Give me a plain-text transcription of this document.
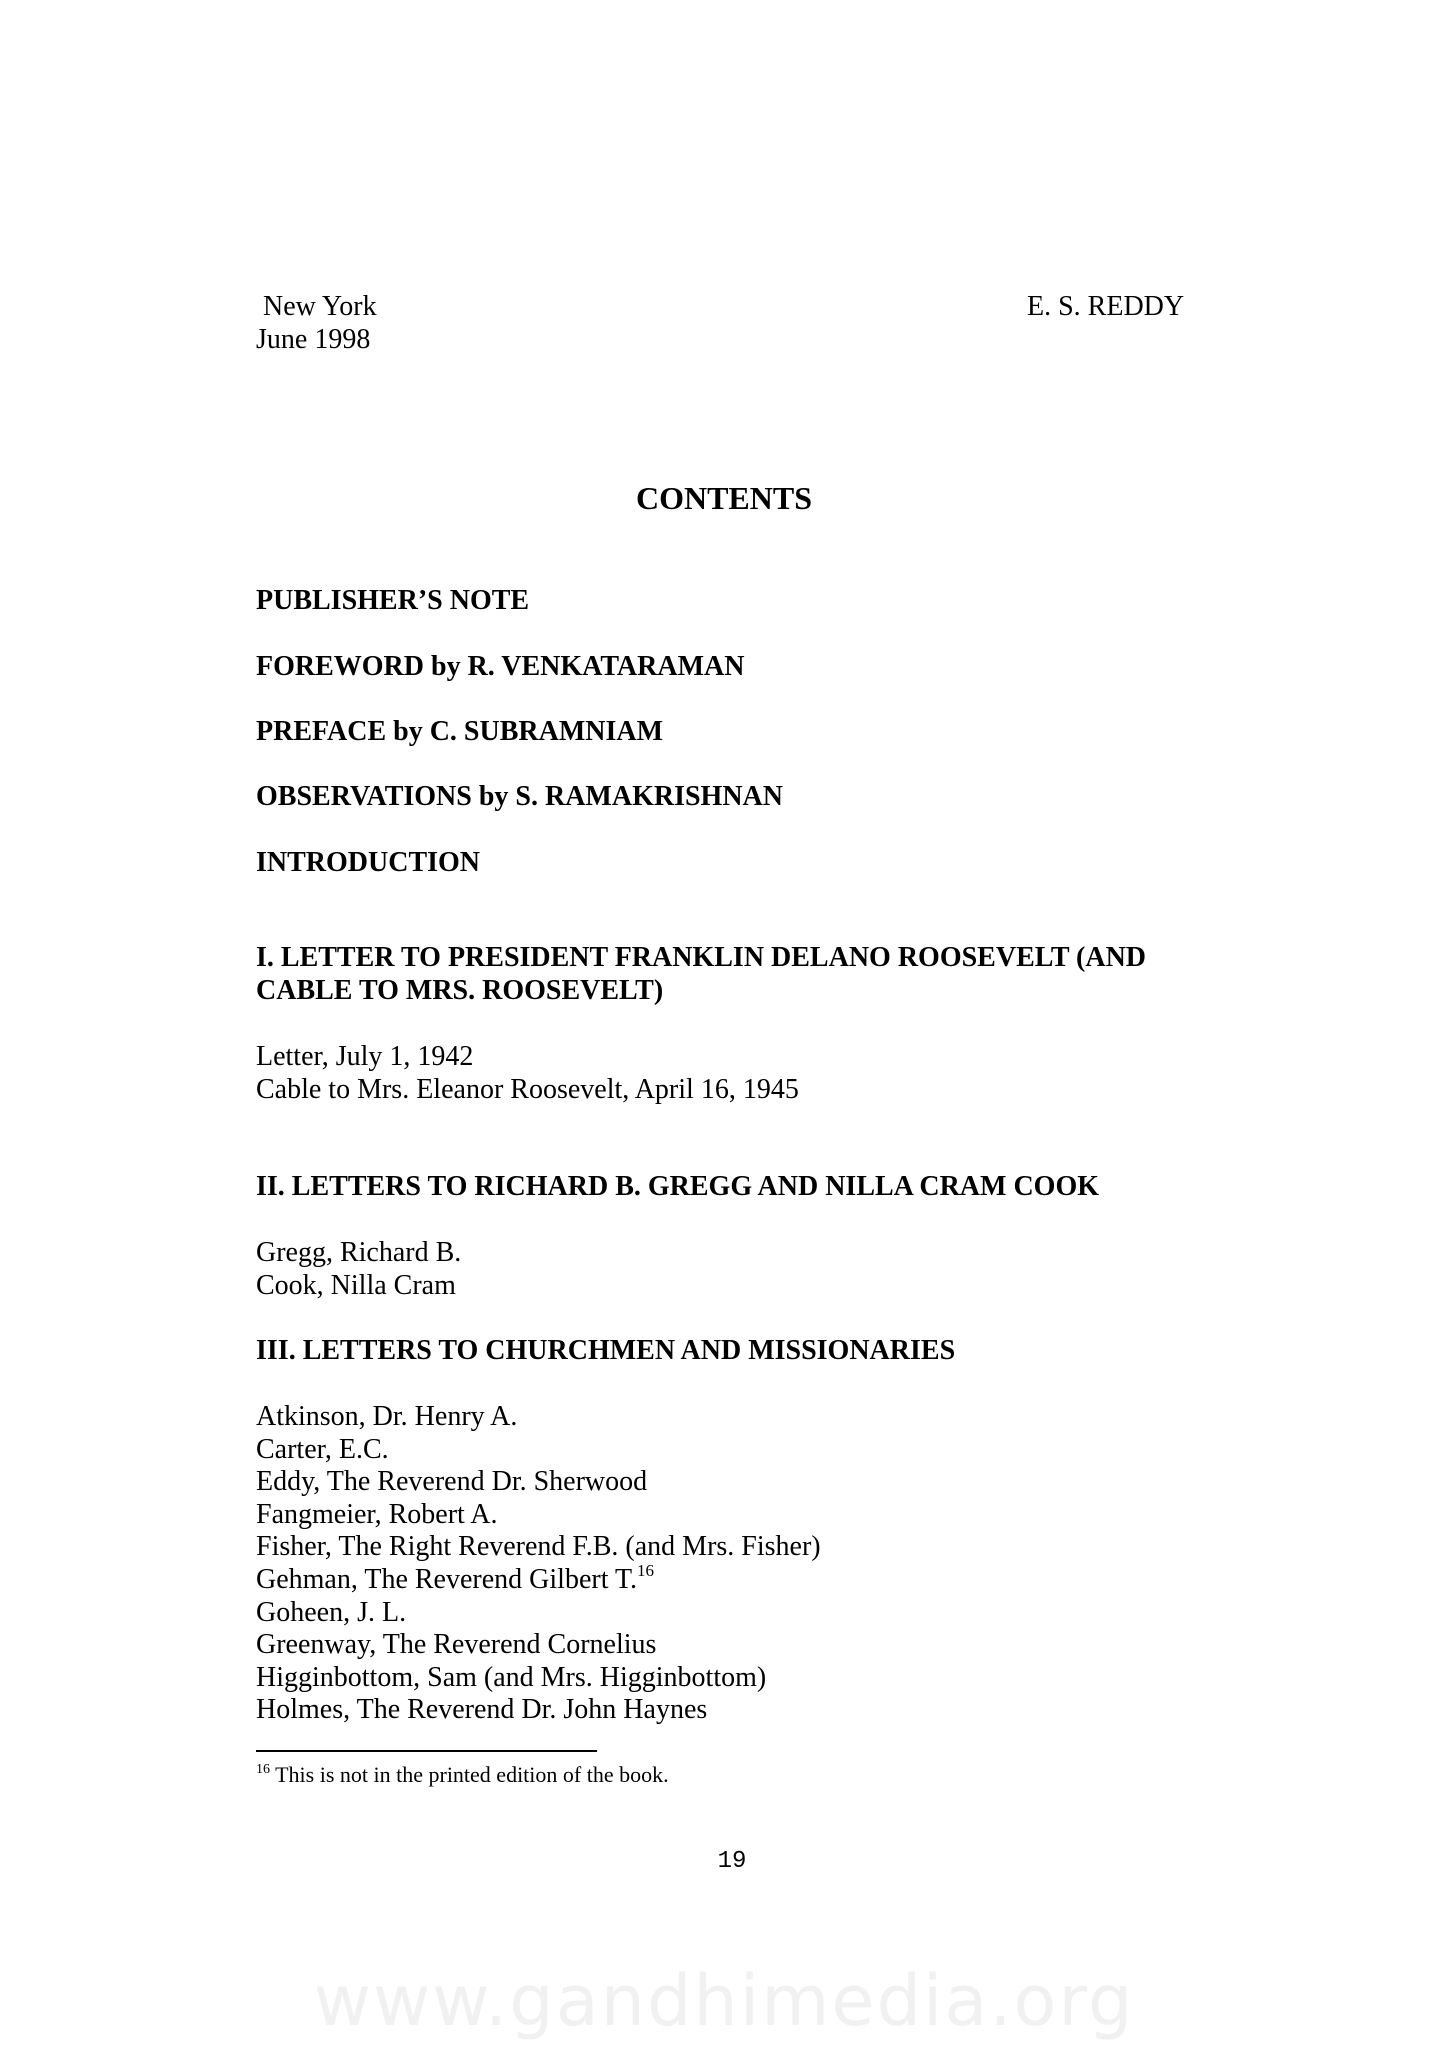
New York
June 1998
E. S. REDDY
CONTENTS
PUBLISHER’S NOTE
FOREWORD by R. VENKATARAMAN
PREFACE by C. SUBRAMNIAM
OBSERVATIONS by S. RAMAKRISHNAN
INTRODUCTION
I. LETTER TO PRESIDENT FRANKLIN DELANO ROOSEVELT (AND
CABLE TO MRS. ROOSEVELT)
Letter, July 1, 1942
Cable to Mrs. Eleanor Roosevelt, April 16, 1945
II. LETTERS TO RICHARD B. GREGG AND NILLA CRAM COOK
Gregg, Richard B.
Cook, Nilla Cram
III. LETTERS TO CHURCHMEN AND MISSIONARIES
Atkinson, Dr. Henry A.
Carter, E.C.
Eddy, The Reverend Dr. Sherwood
Fangmeier, Robert A.
Fisher, The Right Reverend F.B. (and Mrs. Fisher)
Gehman, The Reverend Gilbert T.$^{16}$
Goheen, J. L.
Greenway, The Reverend Cornelius
Higginbottom, Sam (and Mrs. Higginbottom)
Holmes, The Reverend Dr. John Haynes
$^{16}$ This is not in the printed edition of the book.
19
www.gandhimedia.org
